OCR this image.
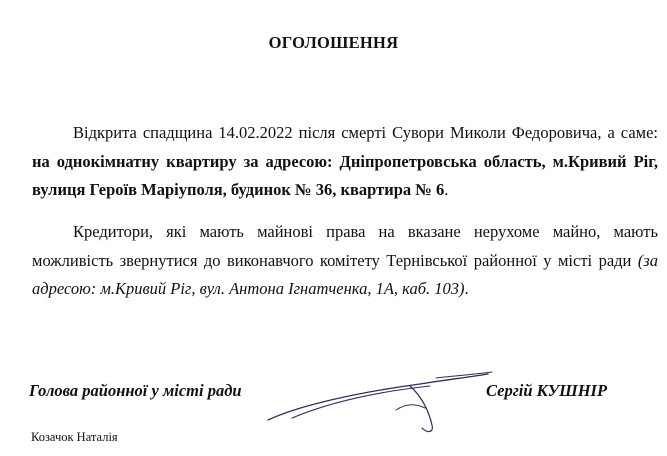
ОГОЛОШЕННЯ
Відкрита спадщина 14.02.2022 після смерті Сувори Миколи Федоровича, а саме: на однокімнатну квартиру за адресою: Дніпропетровська область, м.Кривий Ріг, вулиця Героїв Маріуполя, будинок № 36, квартира № 6.
Кредитори, які мають майнові права на вказане нерухоме майно, мають можливість звернутися до виконавчого комітету Тернівської районної у місті ради (за адресою: м.Кривий Ріг, вул. Антона Ігнатченка, 1А, каб. 103).
Голова районної у місті ради	Сергій КУШНІР
Козачок Наталія
